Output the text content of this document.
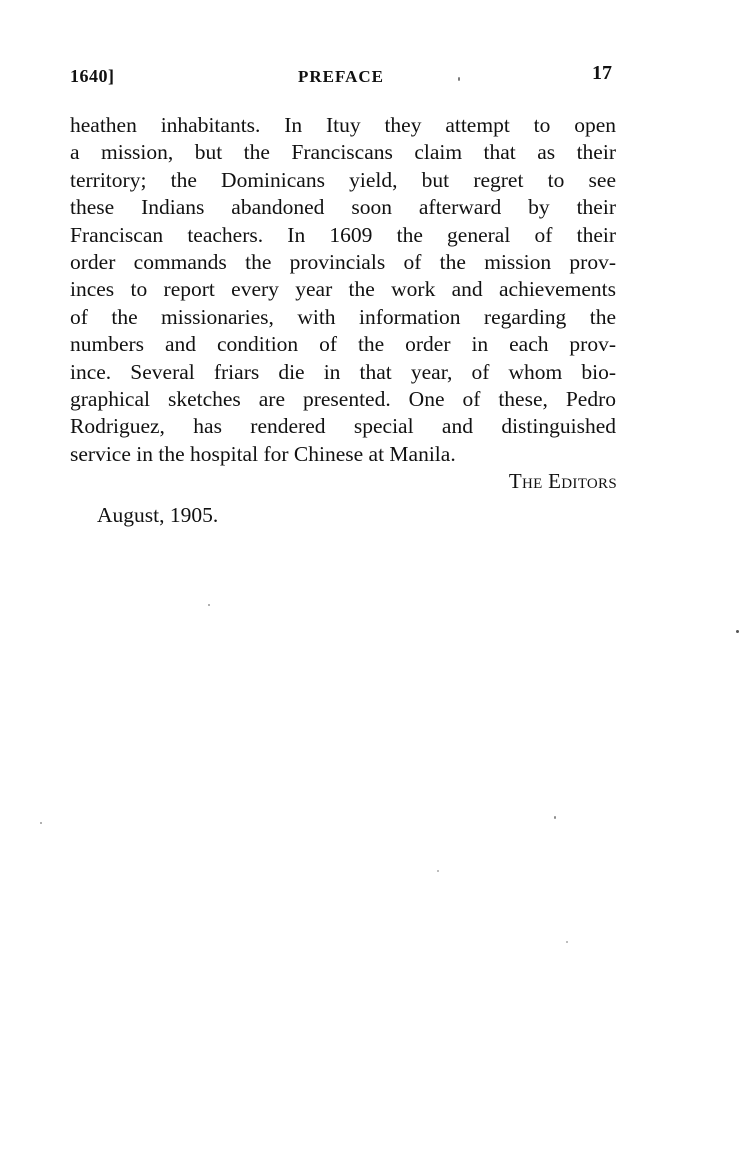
1640]	PREFACE	17
heathen inhabitants. In Ituy they attempt to open
a mission, but the Franciscans claim that as their
territory; the Dominicans yield, but regret to see
these Indians abandoned soon afterward by their
Franciscan teachers. In 1609 the general of their
order commands the provincials of the mission prov-
inces to report every year the work and achievements
of the missionaries, with information regarding the
numbers and condition of the order in each prov-
ince. Several friars die in that year, of whom bio-
graphical sketches are presented. One of these, Pedro
Rodriguez, has rendered special and distinguished
service in the hospital for Chinese at Manila.
The Editors
August, 1905.
